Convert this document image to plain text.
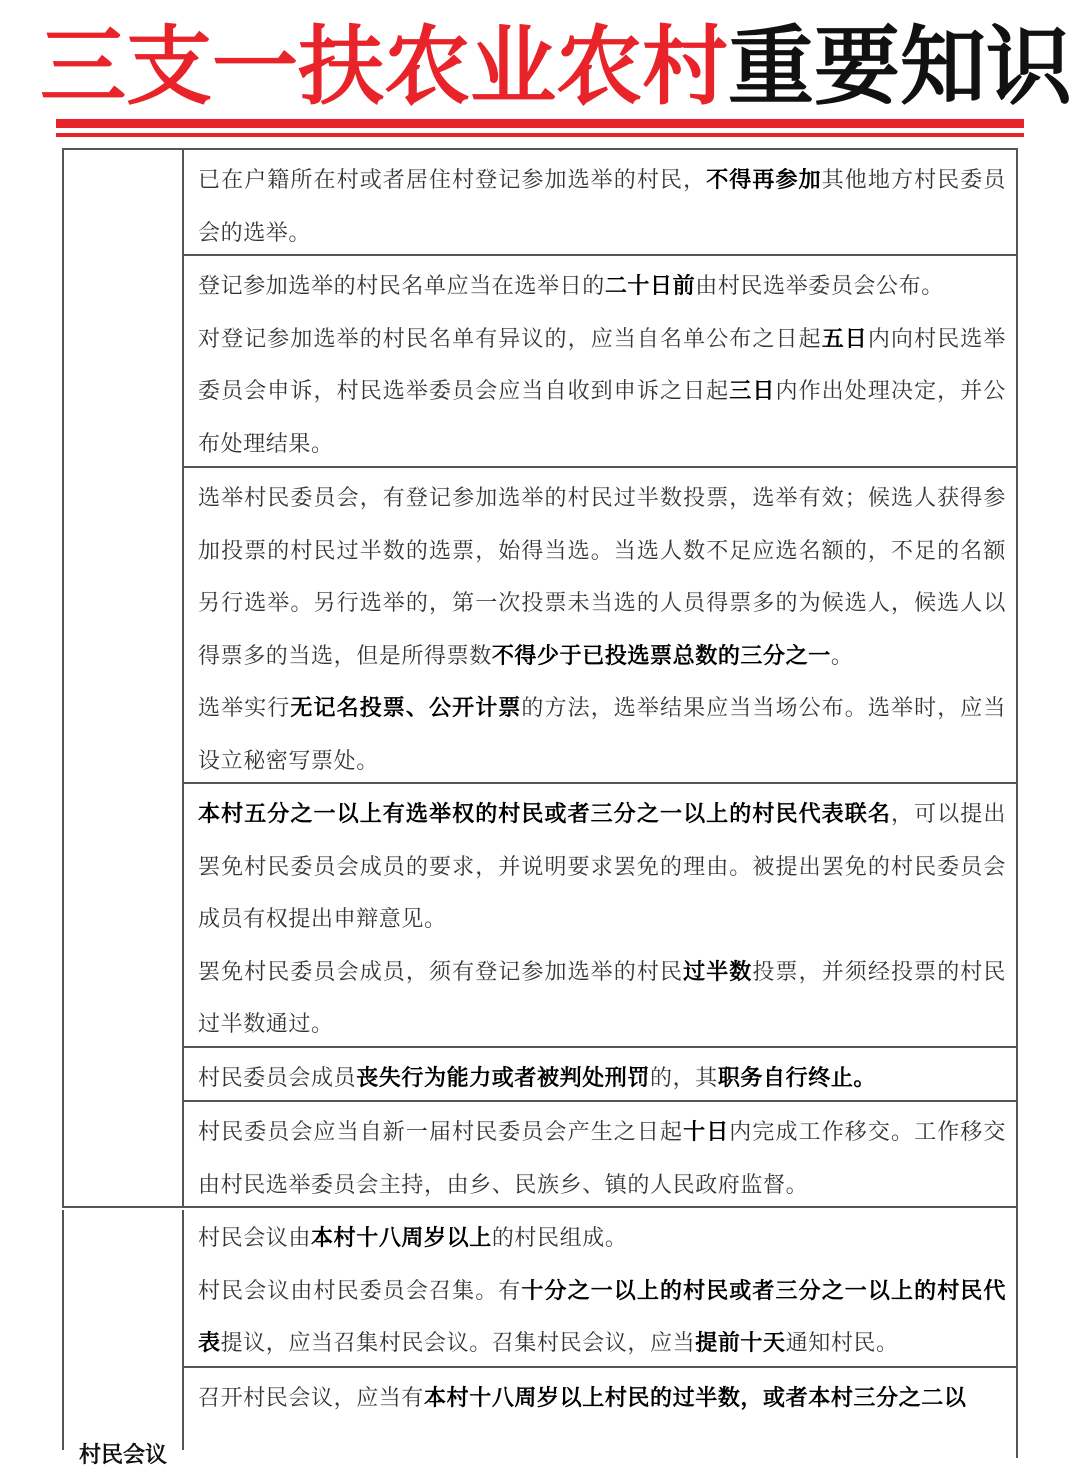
三支一扶农业农村重要知识
村民会议
已在户籍所在村或者居住村登记参加选举的村民，不得再参加其他地方村民委员会的选举。
登记参加选举的村民名单应当在选举日的二十日前由村民选举委员会公布。
对登记参加选举的村民名单有异议的，应当自名单公布之日起五日内向村民选举委员会申诉，村民选举委员会应当自收到申诉之日起三日内作出处理决定，并公布处理结果。
选举村民委员会，有登记参加选举的村民过半数投票，选举有效；候选人获得参加投票的村民过半数的选票，始得当选。当选人数不足应选名额的，不足的名额另行选举。另行选举的，第一次投票未当选的人员得票多的为候选人，候选人以得票多的当选，但是所得票数不得少于已投选票总数的三分之一。
选举实行无记名投票、公开计票的方法，选举结果应当当场公布。选举时，应当设立秘密写票处。
本村五分之一以上有选举权的村民或者三分之一以上的村民代表联名，可以提出罢免村民委员会成员的要求，并说明要求罢免的理由。被提出罢免的村民委员会成员有权提出申辩意见。
罢免村民委员会成员，须有登记参加选举的村民过半数投票，并须经投票的村民过半数通过。
村民委员会成员丧失行为能力或者被判处刑罚的，其职务自行终止。
村民委员会应当自新一届村民委员会产生之日起十日内完成工作移交。工作移交由村民选举委员会主持，由乡、民族乡、镇的人民政府监督。
村民会议由本村十八周岁以上的村民组成。
村民会议由村民委员会召集。有十分之一以上的村民或者三分之一以上的村民代表提议，应当召集村民会议。召集村民会议，应当提前十天通知村民。
召开村民会议，应当有本村十八周岁以上村民的过半数，或者本村三分之二以
